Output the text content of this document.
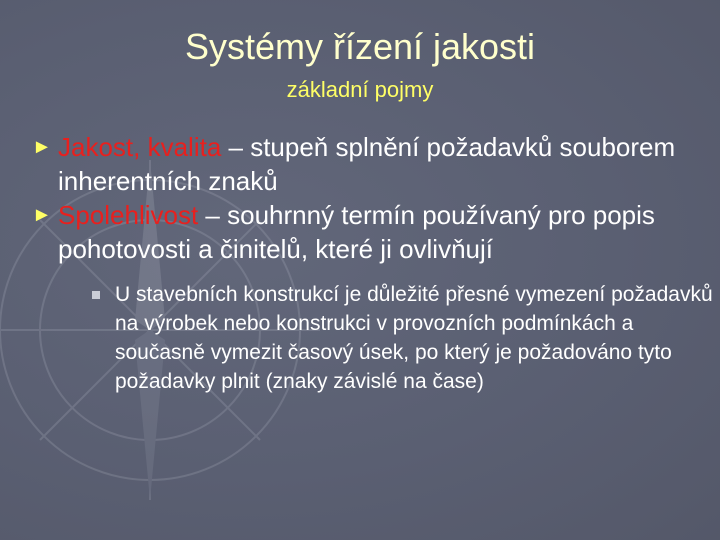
Systémy řízení jakosti
základní pojmy
► Jakost, kvalita – stupeň splnění požadavků souborem inherentních znaků
► Spolehlivost – souhrnný termín používaný pro popis pohotovosti a činitelů, které ji ovlivňují
U stavebních konstrukcí je důležité přesné vymezení požadavků na výrobek nebo konstrukci v provozních podmínkách a současně vymezit časový úsek, po který je požadováno tyto požadavky plnit (znaky závislé na čase)
